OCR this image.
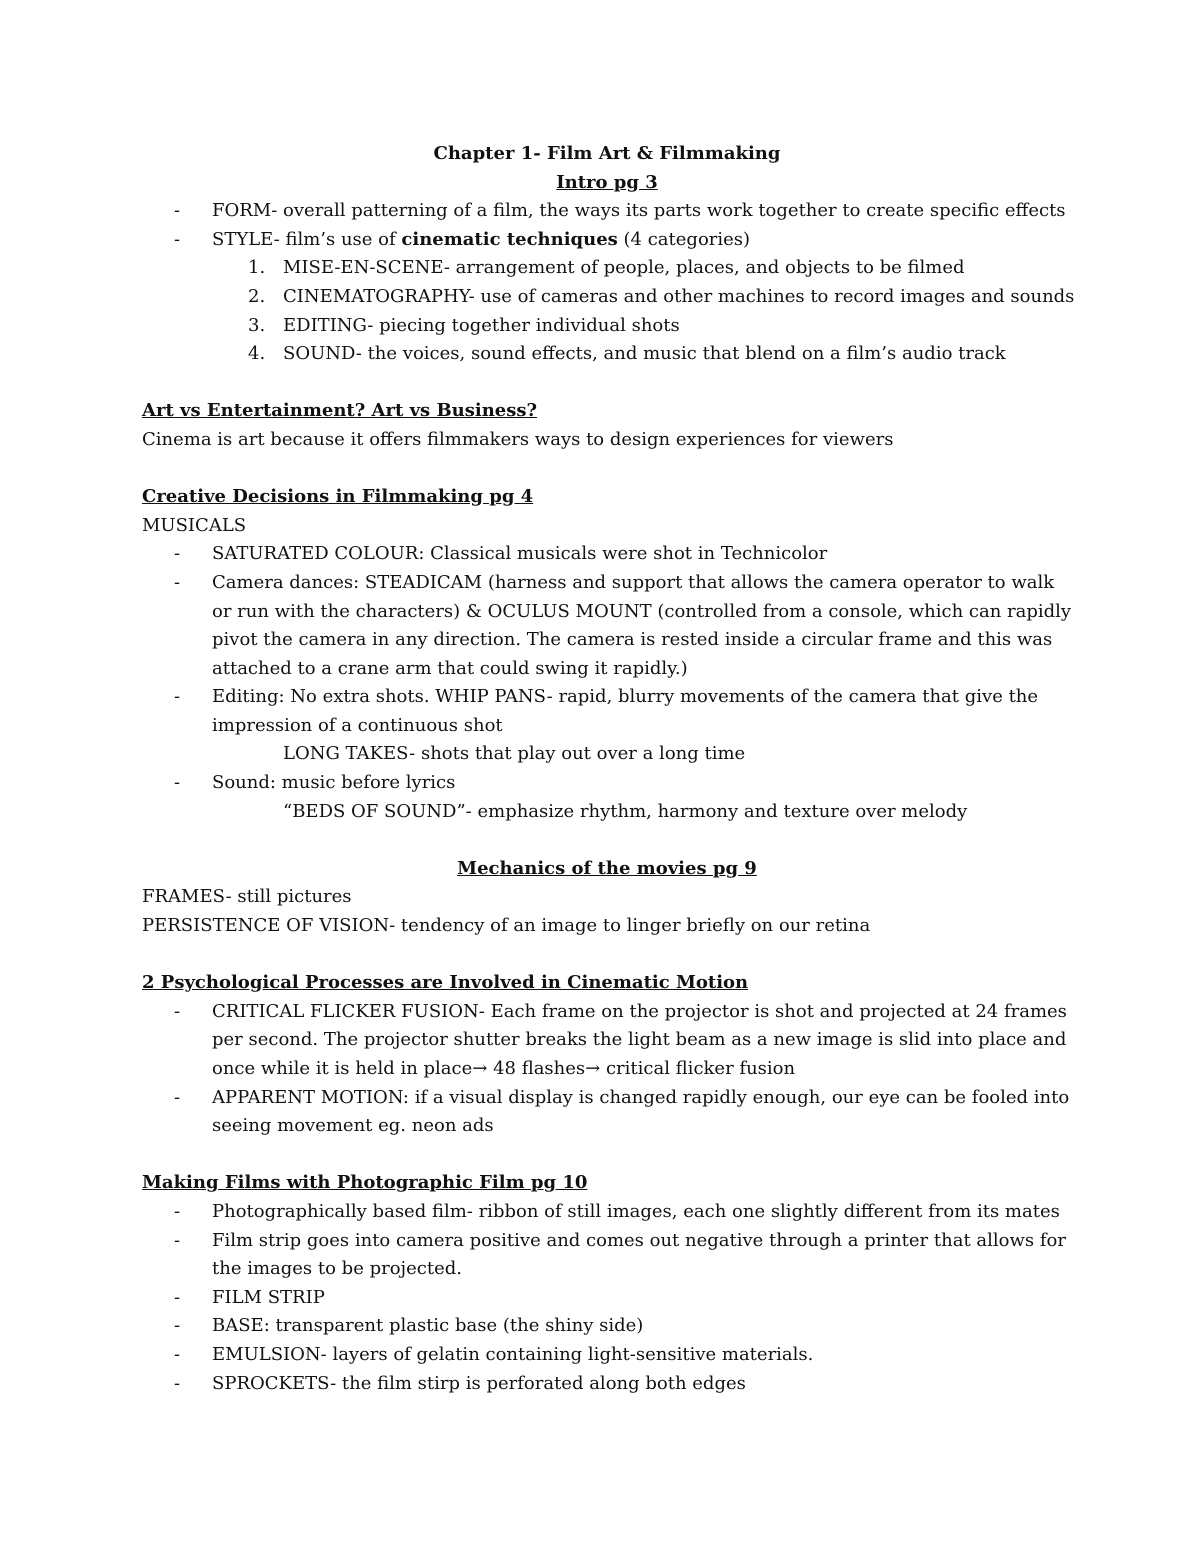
Chapter 1- Film Art & Filmmaking
Intro pg 3
- FORM- overall patterning of a film, the ways its parts work together to create specific effects
- STYLE- film’s use of cinematic techniques (4 categories)
1. MISE-EN-SCENE- arrangement of people, places, and objects to be filmed
2. CINEMATOGRAPHY- use of cameras and other machines to record images and sounds
3. EDITING- piecing together individual shots
4. SOUND- the voices, sound effects, and music that blend on a film’s audio track
Art vs Entertainment? Art vs Business?
Cinema is art because it offers filmmakers ways to design experiences for viewers
Creative Decisions in Filmmaking pg 4
MUSICALS
- SATURATED COLOUR: Classical musicals were shot in Technicolor
- Camera dances: STEADICAM (harness and support that allows the camera operator to walk or run with the characters) & OCULUS MOUNT (controlled from a console, which can rapidly pivot the camera in any direction. The camera is rested inside a circular frame and this was attached to a crane arm that could swing it rapidly.)
- Editing: No extra shots. WHIP PANS- rapid, blurry movements of the camera that give the impression of a continuous shot
LONG TAKES- shots that play out over a long time
- Sound: music before lyrics
“BEDS OF SOUND”- emphasize rhythm, harmony and texture over melody
Mechanics of the movies pg 9
FRAMES- still pictures
PERSISTENCE OF VISION- tendency of an image to linger briefly on our retina
2 Psychological Processes are Involved in Cinematic Motion
- CRITICAL FLICKER FUSION- Each frame on the projector is shot and projected at 24 frames per second. The projector shutter breaks the light beam as a new image is slid into place and once while it is held in place→ 48 flashes→ critical flicker fusion
- APPARENT MOTION: if a visual display is changed rapidly enough, our eye can be fooled into seeing movement eg. neon ads
Making Films with Photographic Film pg 10
- Photographically based film- ribbon of still images, each one slightly different from its mates
- Film strip goes into camera positive and comes out negative through a printer that allows for the images to be projected.
- FILM STRIP
- BASE: transparent plastic base (the shiny side)
- EMULSION- layers of gelatin containing light-sensitive materials.
- SPROCKETS- the film stirp is perforated along both edges
